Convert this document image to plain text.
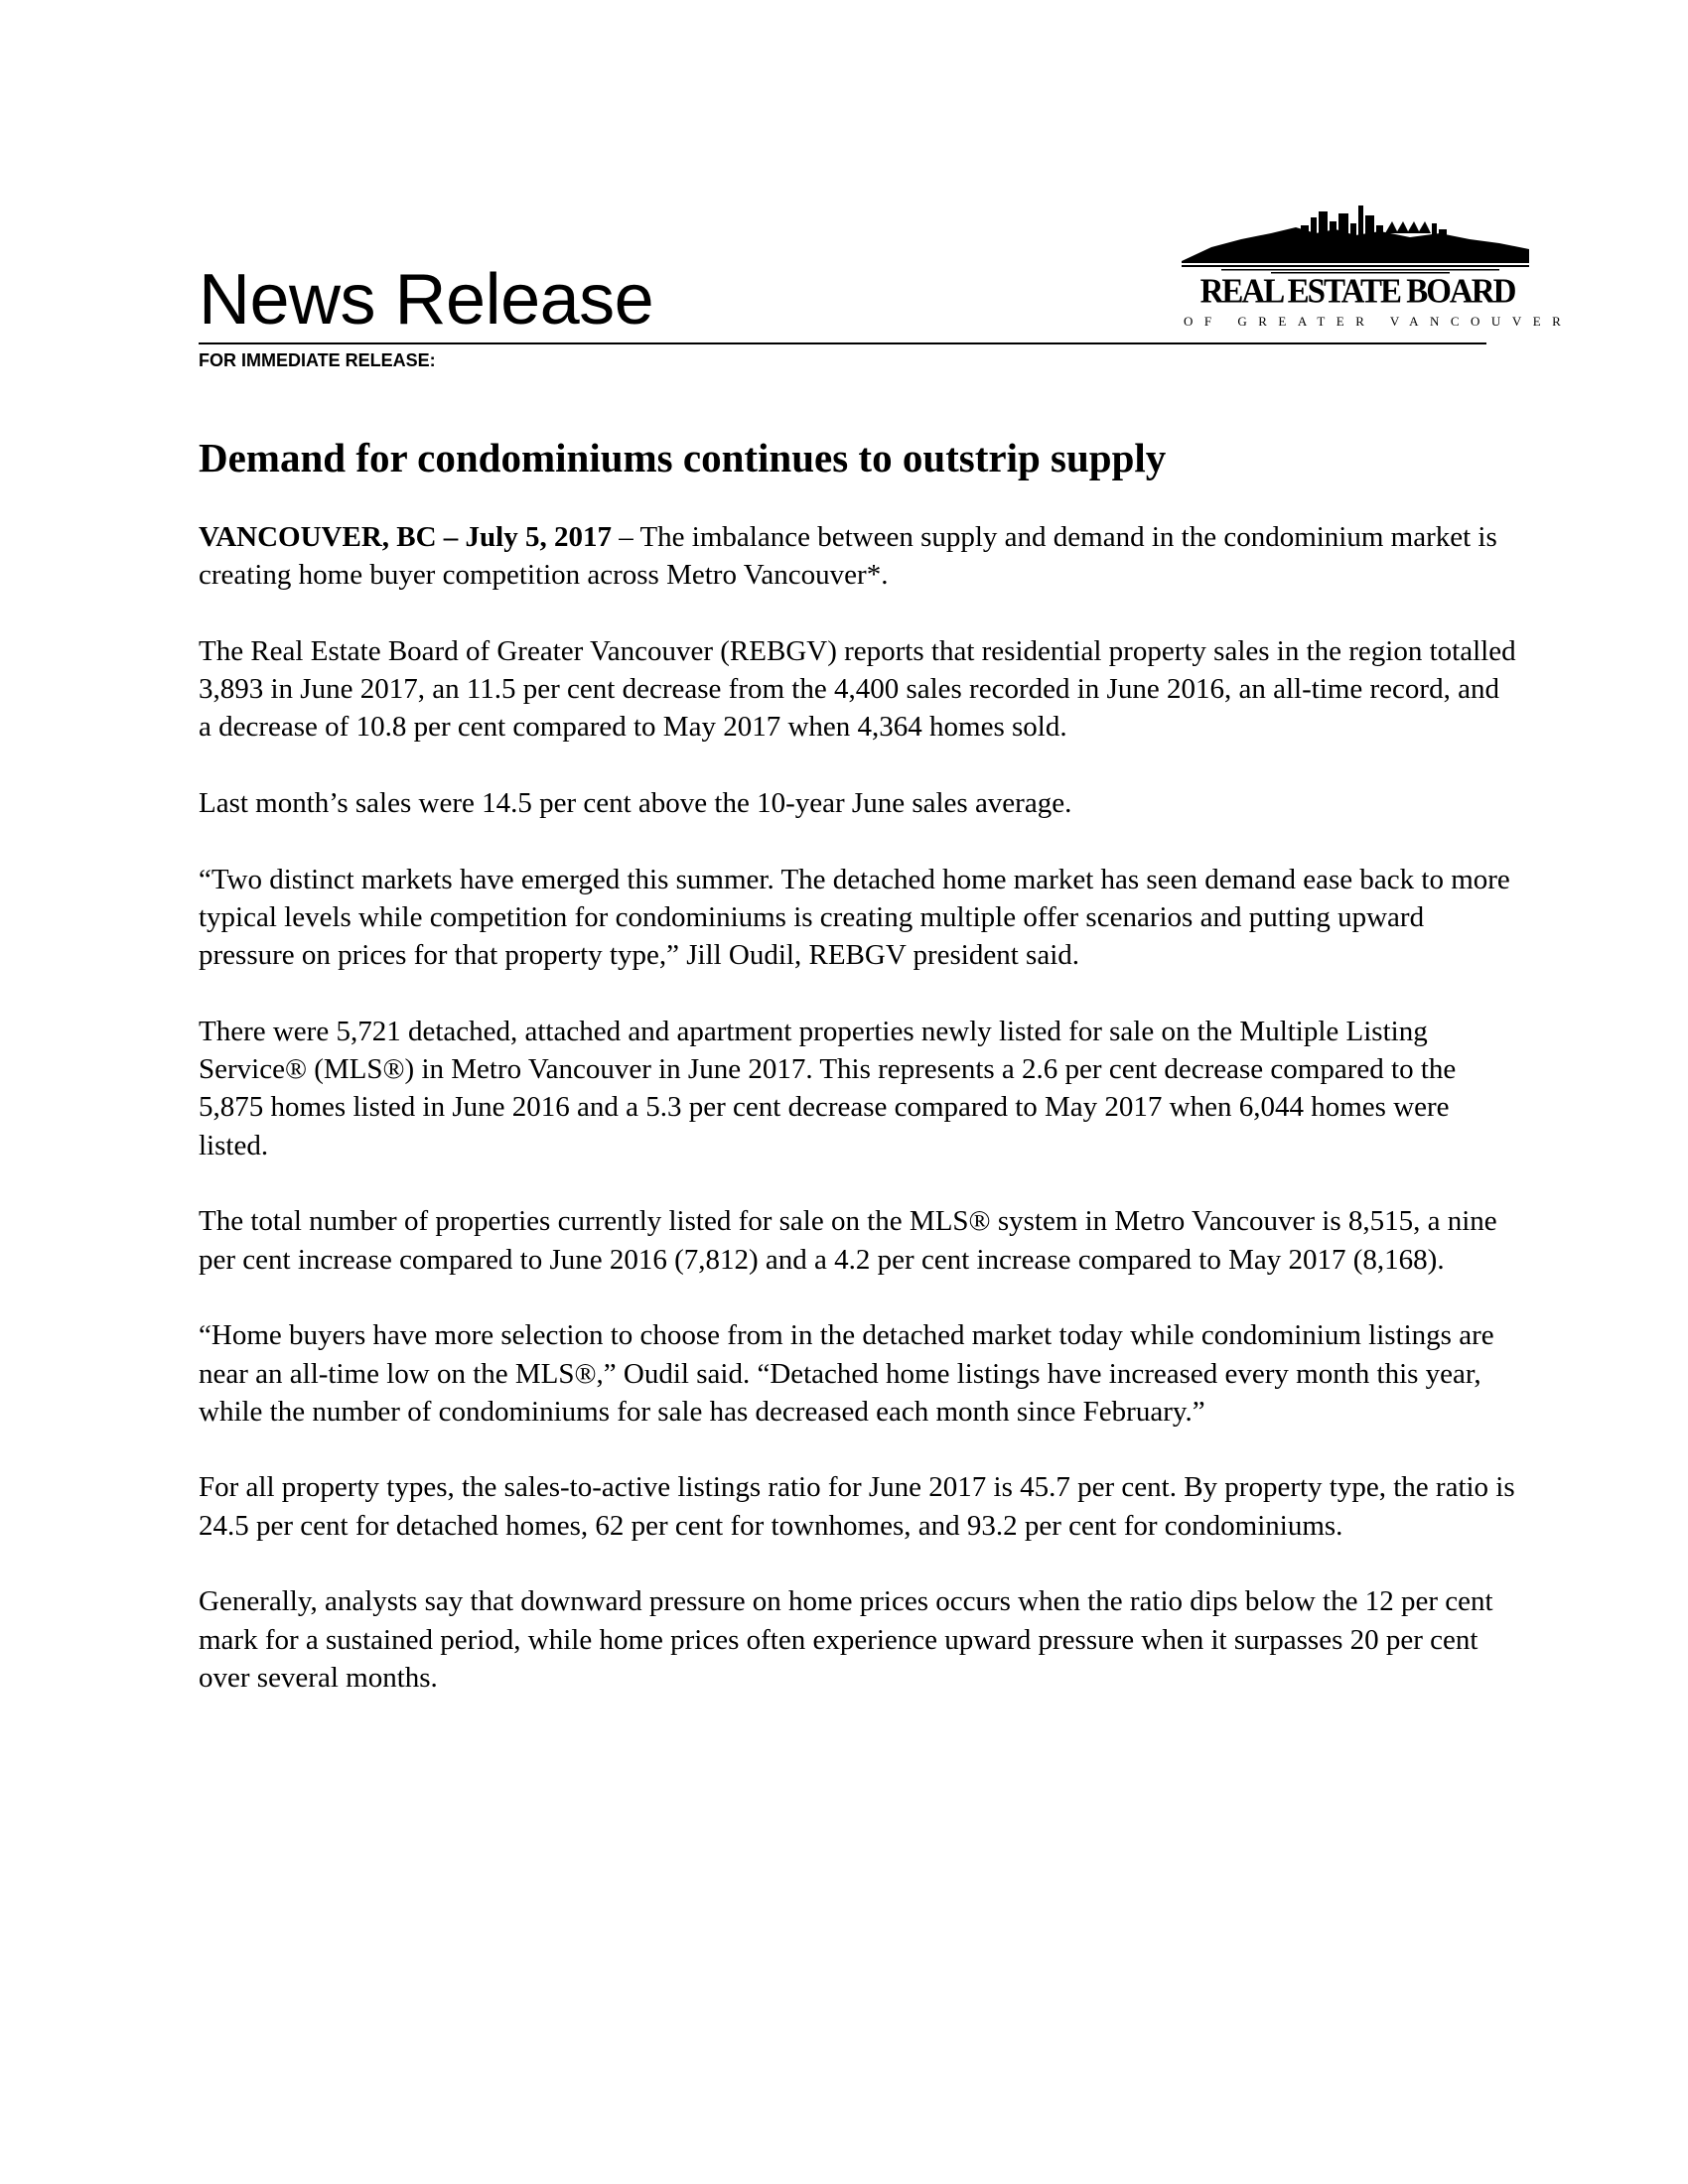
News Release
FOR IMMEDIATE RELEASE:
REAL ESTATE BOARD
OF GREATER VANCOUVER
Demand for condominiums continues to outstrip supply

VANCOUVER, BC – July 5, 2017 – The imbalance between supply and demand in the condominium market is creating home buyer competition across Metro Vancouver*.

The Real Estate Board of Greater Vancouver (REBGV) reports that residential property sales in the region totalled 3,893 in June 2017, an 11.5 per cent decrease from the 4,400 sales recorded in June 2016, an all-time record, and a decrease of 10.8 per cent compared to May 2017 when 4,364 homes sold.

Last month’s sales were 14.5 per cent above the 10-year June sales average.

“Two distinct markets have emerged this summer. The detached home market has seen demand ease back to more typical levels while competition for condominiums is creating multiple offer scenarios and putting upward pressure on prices for that property type,” Jill Oudil, REBGV president said.

There were 5,721 detached, attached and apartment properties newly listed for sale on the Multiple Listing Service® (MLS®) in Metro Vancouver in June 2017. This represents a 2.6 per cent decrease compared to the 5,875 homes listed in June 2016 and a 5.3 per cent decrease compared to May 2017 when 6,044 homes were listed.

The total number of properties currently listed for sale on the MLS® system in Metro Vancouver is 8,515, a nine per cent increase compared to June 2016 (7,812) and a 4.2 per cent increase compared to May 2017 (8,168).

“Home buyers have more selection to choose from in the detached market today while condominium listings are near an all-time low on the MLS®,” Oudil said. “Detached home listings have increased every month this year, while the number of condominiums for sale has decreased each month since February.”

For all property types, the sales-to-active listings ratio for June 2017 is 45.7 per cent. By property type, the ratio is 24.5 per cent for detached homes, 62 per cent for townhomes, and 93.2 per cent for condominiums.

Generally, analysts say that downward pressure on home prices occurs when the ratio dips below the 12 per cent mark for a sustained period, while home prices often experience upward pressure when it surpasses 20 per cent over several months.
